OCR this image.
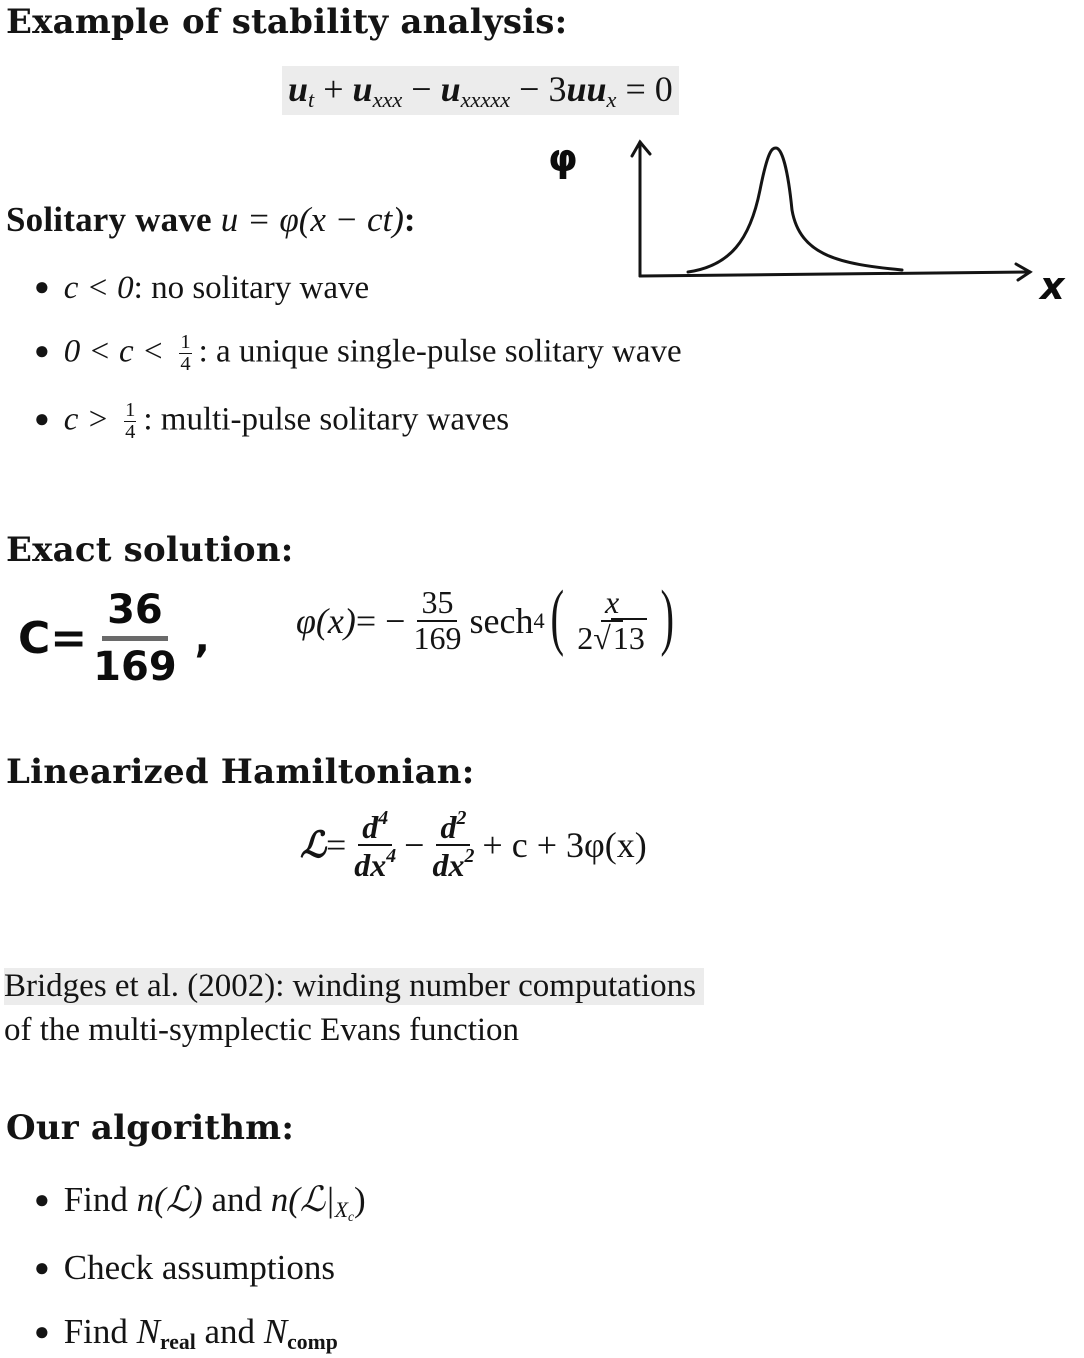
Example of stability analysis:
$u_t + u_{xxx} - u_{xxxxx} - 3uu_x = 0$
φ
x
Solitary wave u = φ(x − ct):
● c < 0: no solitary wave
● $0 < c < \frac{1}{4}$ : a unique single-pulse solitary wave
● $c > \frac{1}{4}$ : multi-pulse solitary waves
Exact solution:
C=
36
169
, φ(x) = − $\frac{35}{169}$ sech 4 ( $\frac{x}{2√13}$ )
Linearized Hamiltonian:
ℒ = $\frac{d^4}{dx^4} - \frac{d^2}{dx^2} + c + 3\varphi(x)$
Bridges et al. (2002): winding number computations
of the multi-symplectic Evans function
Our algorithm:
● Find n(ℒ) and $n(ℒ|_{X_c})$
● Check assumptions
● Find $N_{real}$ and $N_{comp}$
